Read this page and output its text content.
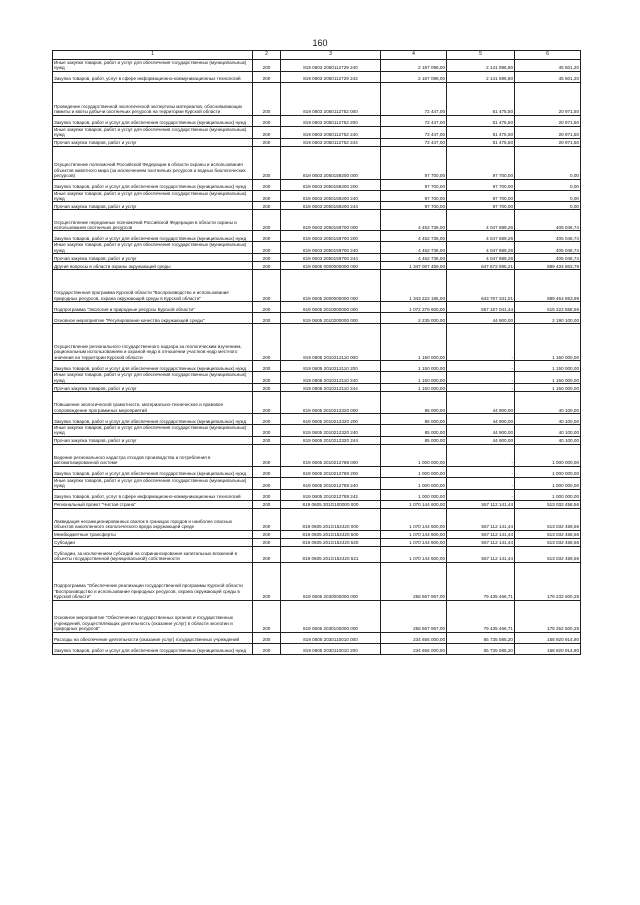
160
1	2	3	4	5	6
Иные закупки товаров, работ и услуг для обеспечения государственных (муниципальных) нужд	200	819 0603 2050112729 240	2 187 098,00	2 141 596,80	45 501,20
Закупка товаров, работ, услуг в сфере информационно-коммуникационных технологий	200	819 0603 2050112729 242	2 187 098,00	2 141 596,80	45 501,20
Проведение государственной экологической экспертизы материалов, обосновывающих лимиты и квоты добычи охотничьих ресурсов на территории Курской области	200	819 0603 2050112752 000	72 447,00	51 475,50	20 971,50
Закупка товаров, работ и услуг для обеспечения государственных (муниципальных) нужд	200	819 0603 2050112752 200	72 447,00	51 475,50	20 971,50
Иные закупки товаров, работ и услуг для обеспечения государственных (муниципальных) нужд	200	819 0603 2050112752 240	72 447,00	51 475,50	20 971,50
Прочая закупка товаров, работ и услуг	200	819 0603 2050112752 244	72 447,00	51 475,50	20 971,50
Осуществление полномочий Российской Федерации в области охраны и использования объектов животного мира (за исключением охотничьих ресурсов и водных биологических ресурсов)	200	819 0603 2050159200 000	97 700,00	97 700,00	0,00
Закупка товаров, работ и услуг для обеспечения государственных (муниципальных) нужд	200	819 0603 2050159200 200	97 700,00	97 700,00	0,00
Иные закупки товаров, работ и услуг для обеспечения государственных (муниципальных) нужд	200	819 0603 2050159200 240	97 700,00	97 700,00	0,00
Прочая закупка товаров, работ и услуг	200	819 0603 2050159200 244	97 700,00	97 700,00	0,00
Осуществление переданных полномочий Российской Федерации в области охраны и использования охотничьих ресурсов	200	819 0603 2050159700 000	4 452 736,00	4 047 689,26	405 046,74
Закупка товаров, работ и услуг для обеспечения государственных (муниципальных) нужд	200	819 0603 2050159700 200	4 452 736,00	4 047 689,26	405 046,74
Иные закупки товаров, работ и услуг для обеспечения государственных (муниципальных) нужд	200	819 0603 2050159700 240	4 452 736,00	4 047 689,26	405 046,74
Прочая закупка товаров, работ и услуг	200	819 0603 2050159700 244	4 452 736,00	4 047 689,26	405 046,74
Другие вопросы в области охраны окружающей среды	200	819 0605 0000000000 000	1 347 007 459,00	647 572 595,21	699 434 863,79
Государственная программа Курской области "Воспроизводство и использование природных ресурсов, охрана окружающей среды в Курской области"	200	819 0605 2000000000 000	1 343 222 185,00	643 767 331,01	699 454 853,99
Подпрограмма "Экология и природные ресурсы Курской области"	200	819 0605 2010000000 000	1 072 379 600,00	557 157 041,44	515 222 558,56
Основное мероприятие "Регулирование качества окружающей среды"	200	819 0605 2010200000 000	2 235 000,00	44 900,00	2 190 100,00
Осуществление регионального государственного надзора за геологическим изучением, рациональным использованием и охраной недр в отношении участков недр местного значения на территории Курской области	200	819 0605 2010212110 000	1 150 000,00	-	1 150 000,00
Закупка товаров, работ и услуг для обеспечения государственных (муниципальных) нужд	200	819 0605 2010212110 200	1 150 000,00	-	1 150 000,00
Иные закупки товаров, работ и услуг для обеспечения государственных (муниципальных) нужд	200	819 0605 2010212110 240	1 150 000,00	-	1 150 000,00
Прочая закупка товаров, работ и услуг	200	819 0605 2010212110 244	1 150 000,00	-	1 150 000,00
Повышение экологической грамотности, материально-техническое и правовое сопровождение программных мероприятий	200	819 0605 2010212320 000	85 000,00	44 900,00	40 100,00
Закупка товаров, работ и услуг для обеспечения государственных (муниципальных) нужд	200	819 0605 2010212320 200	85 000,00	44 900,00	40 100,00
Иные закупки товаров, работ и услуг для обеспечения государственных (муниципальных) нужд	200	819 0605 2010212320 240	85 000,00	44 900,00	40 100,00
Прочая закупка товаров, работ и услуг	200	819 0605 2010212320 244	85 000,00	44 900,00	40 100,00
Ведение регионального кадастра отходов производства и потребления в автоматизированной системе	200	819 0605 2010212788 000	1 000 000,00	-	1 000 000,00
Закупка товаров, работ и услуг для обеспечения государственных (муниципальных) нужд	200	819 0605 2010212788 200	1 000 000,00	-	1 000 000,00
Иные закупки товаров, работ и услуг для обеспечения государственных (муниципальных) нужд	200	819 0605 2010212788 240	1 000 000,00	-	1 000 000,00
Закупка товаров, работ, услуг в сфере информационно-коммуникационных технологий	200	819 0605 2010212788 242	1 000 000,00	-	1 000 000,00
Региональный проект "Чистая страна"	200	819 0605 201G100000 000	1 070 144 600,00	557 112 141,44	513 032 458,56
Ликвидация несанкционированных свалок в границах городов и наиболее опасных объектов накопленного экологического вреда окружающей среде	200	819 0605 201G152420 000	1 070 144 600,00	557 112 141,44	513 032 458,56
Межбюджетные трансферты	200	819 0605 201G152420 500	1 070 144 600,00	557 112 141,44	513 032 458,56
Субсидии	200	819 0605 201G152420 520	1 070 144 600,00	557 112 141,44	513 032 458,56
Субсидии, за исключением субсидий на софинансирование капитальных вложений в объекты государственной (муниципальной) собственности	200	819 0605 201G152420 521	1 070 144 600,00	557 112 141,44	513 032 458,56
Подпрограмма "Обеспечение реализации государственной программы Курской области "Воспроизводство и использование природных ресурсов, охрана окружающей среды в Курской области"	200	819 0605 2030000000 000	258 667 967,00	79 435 466,71	179 232 500,29
Основное мероприятие "Обеспечение государственных органов и государственных учреждений, осуществляющих деятельность (оказание услуг) в области экологии и природных ресурсов"	200	819 0605 2030100000 000	258 667 967,00	79 435 466,71	179 252 500,29
Расходы на обеспечение деятельности (оказание услуг) государственных учреждений	200	819 0605 2030110010 000	234 656 000,00	65 735 085,20	168 920 914,80
Закупка товаров, работ и услуг для обеспечения государственных (муниципальных) нужд	200	819 0605 2030110010 200	234 656 000,00	65 735 085,20	168 920 914,80
